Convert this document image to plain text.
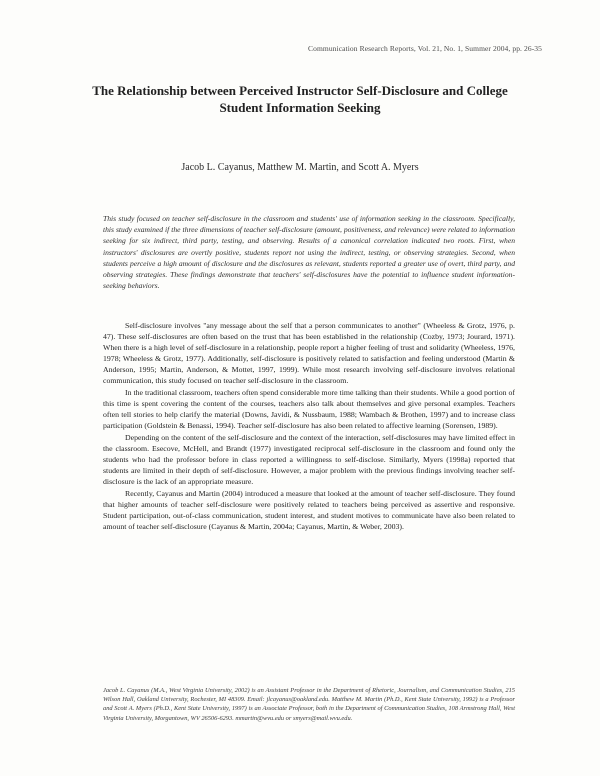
Communication Research Reports, Vol. 21, No. 1, Summer 2004, pp. 26-35
The Relationship between Perceived Instructor Self-Disclosure and College Student Information Seeking
Jacob L. Cayanus, Matthew M. Martin, and Scott A. Myers
This study focused on teacher self-disclosure in the classroom and students' use of information seeking in the classroom. Specifically, this study examined if the three dimensions of teacher self-disclosure (amount, positiveness, and relevance) were related to information seeking for six indirect, third party, testing, and observing. Results of a canonical correlation indicated two roots. First, when instructors' disclosures are overtly positive, students report not using the indirect, testing, or observing strategies. Second, when students perceive a high amount of disclosure and the disclosures as relevant, students reported a greater use of overt, third party, and observing strategies. These findings demonstrate that teachers' self-disclosures have the potential to influence student information-seeking behaviors.

Self-disclosure involves "any message about the self that a person communicates to another" (Wheeless & Grotz, 1976, p. 47). These self-disclosures are often based on the trust that has been established in the relationship (Cozby, 1973; Jourard, 1971). When there is a high level of self-disclosure in a relationship, people report a higher feeling of trust and solidarity (Wheeless, 1976, 1978; Wheeless & Grotz, 1977). Additionally, self-disclosure is positively related to satisfaction and feeling understood (Martin & Anderson, 1995; Martin, Anderson, & Mottet, 1997, 1999). While most research involving self-disclosure involves relational communication, this study focused on teacher self-disclosure in the classroom.

In the traditional classroom, teachers often spend considerable more time talking than their students. While a good portion of this time is spent covering the content of the courses, teachers also talk about themselves and give personal examples. Teachers often tell stories to help clarify the material (Downs, Javidi, & Nussbaum, 1988; Wambach & Brothen, 1997) and to increase class participation (Goldstein & Benassi, 1994). Teacher self-disclosure has also been related to affective learning (Sorensen, 1989).

Depending on the content of the self-disclosure and the context of the interaction, self-disclosures may have limited effect in the classroom. Esecove, McHell, and Brandt (1977) investigated reciprocal self-disclosure in the classroom and found only the students who had the professor before in class reported a willingness to self-disclose. Similarly, Myers (1998a) reported that students are limited in their depth of self-disclosure. However, a major problem with the previous findings involving teacher self-disclosure is the lack of an appropriate measure.

Recently, Cayanus and Martin (2004) introduced a measure that looked at the amount of teacher self-disclosure. They found that higher amounts of teacher self-disclosure were positively related to teachers being perceived as assertive and responsive. Student participation, out-of-class communication, student interest, and student motives to communicate have also been related to amount of teacher self-disclosure (Cayanus & Martin, 2004a; Cayanus, Martin, & Weber, 2003).

Jacob L. Cayanus (M.A., West Virginia University, 2002) is an Assistant Professor in the Department of Rhetoric, Journalism, and Communication Studies, 215 Wilson Hall, Oakland University, Rochester, MI 48309. Email: jlcayanus@oakland.edu. Matthew M. Martin (Ph.D., Kent State University, 1992) is a Professor and Scott A. Myers (Ph.D., Kent State University, 1997) is an Associate Professor, both in the Department of Communication Studies, 108 Armstrong Hall, West Virginia University, Morgantown, WV 26506-6293. mmartin@wvu.edu or smyers@mail.wvu.edu.
